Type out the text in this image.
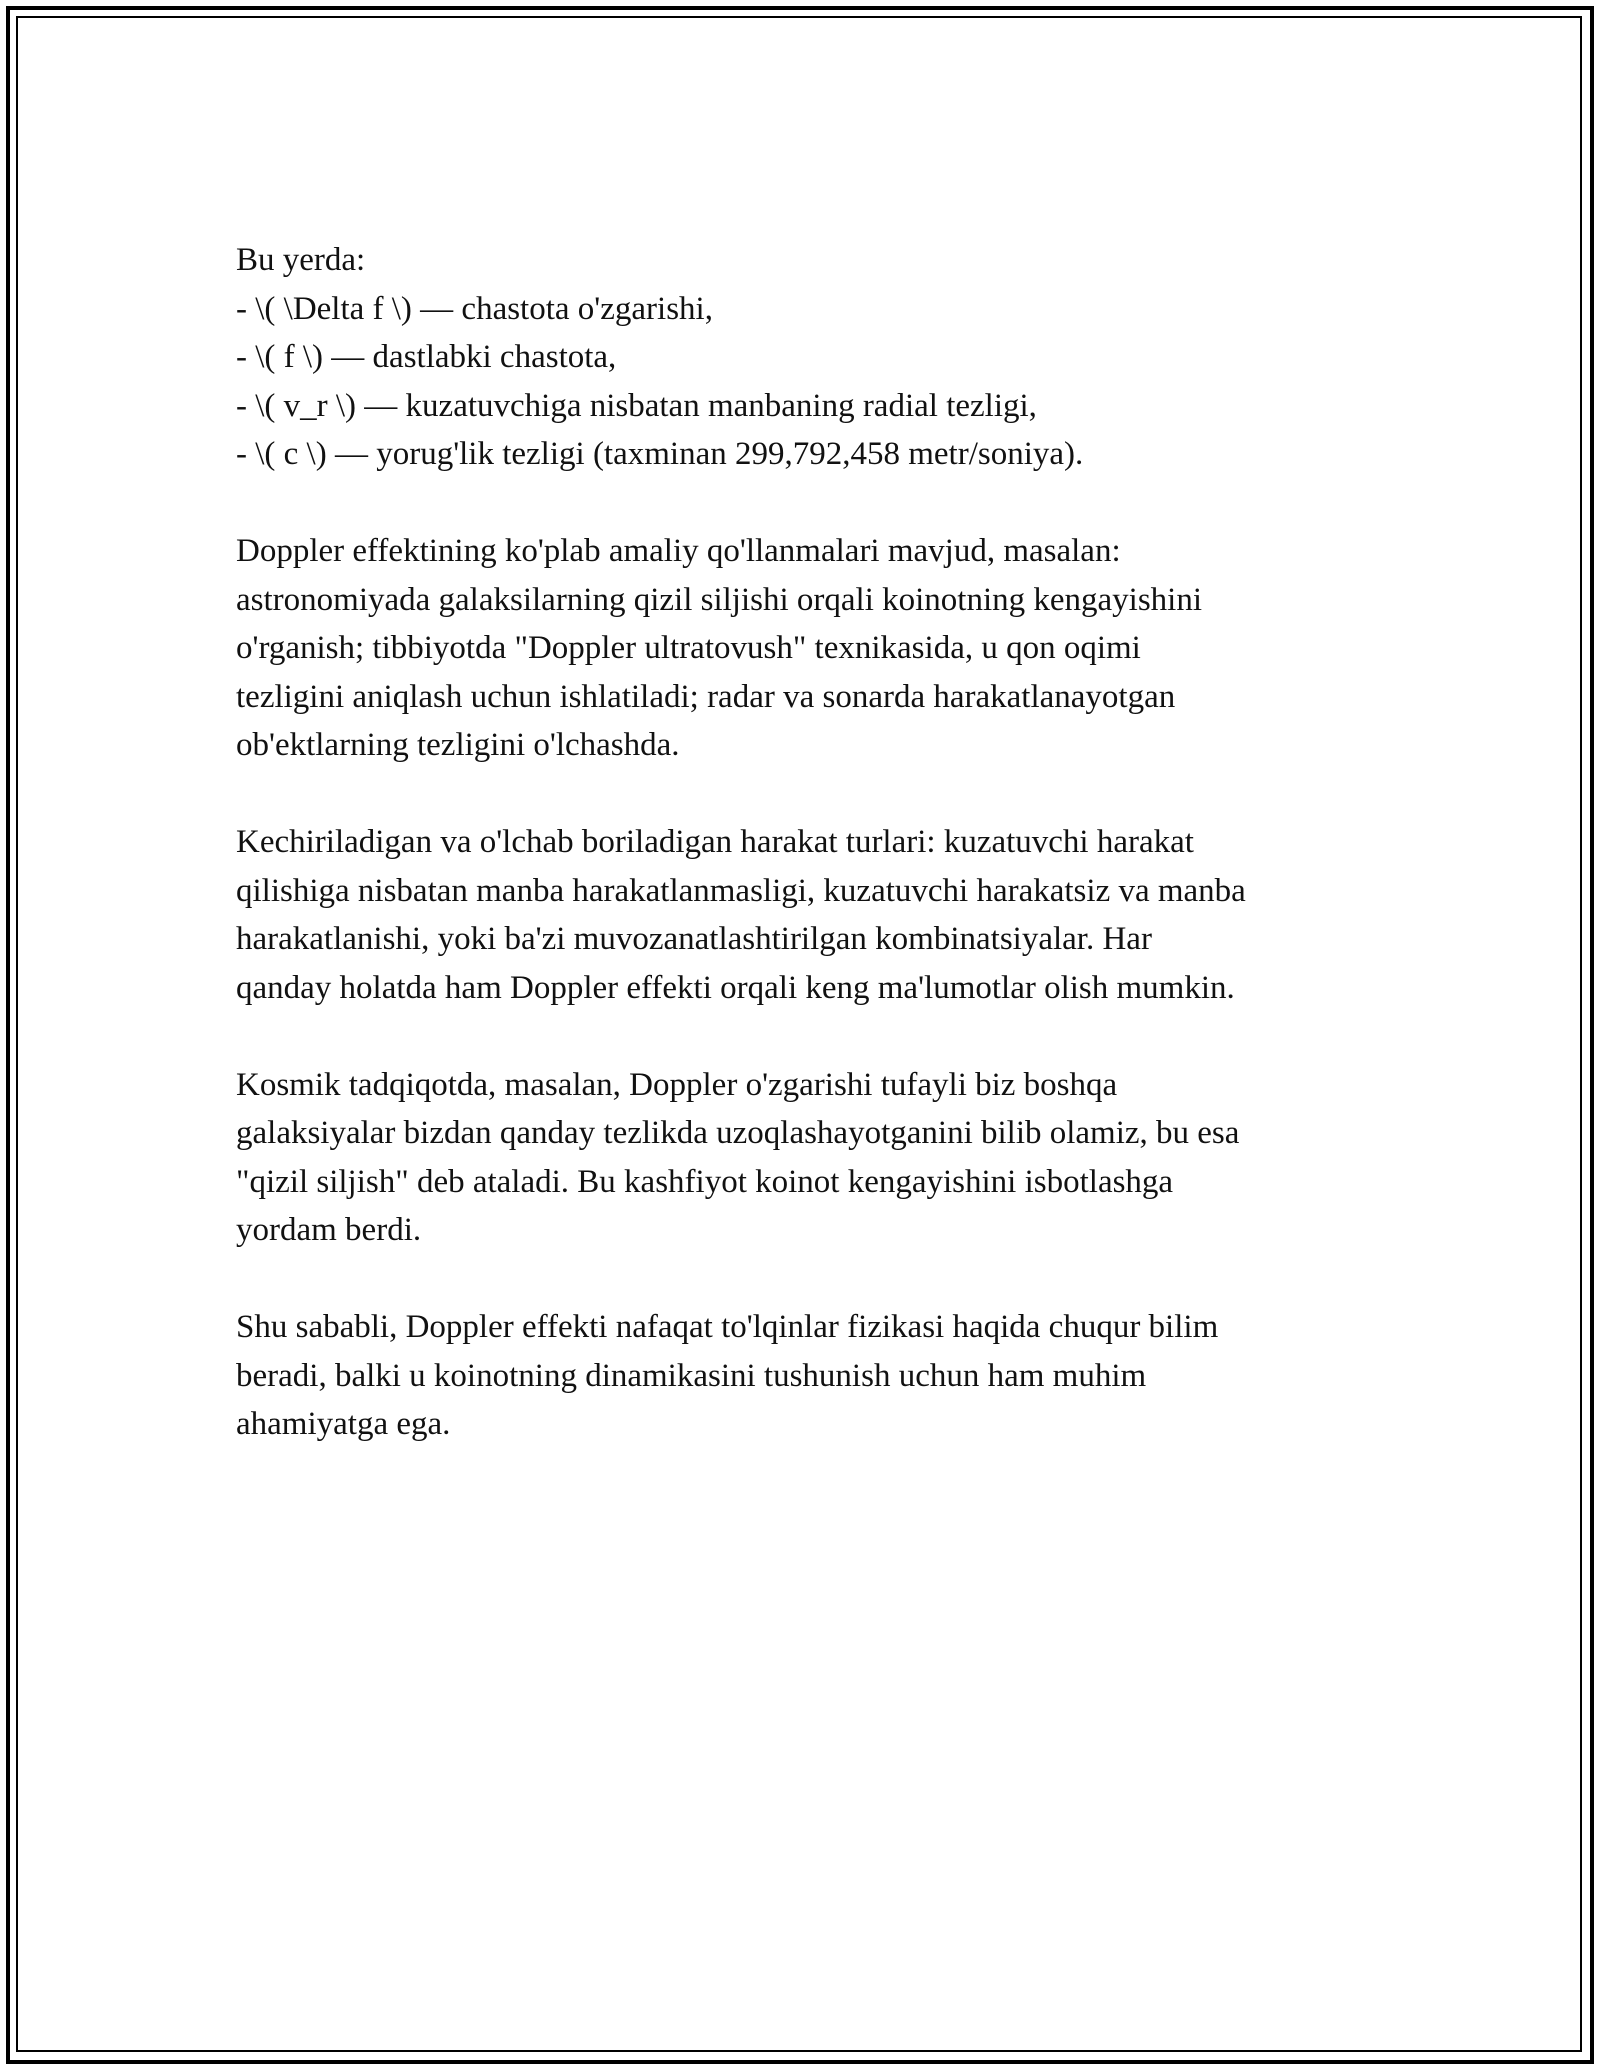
Bu yerda:
- \( \Delta f \) — chastota o'zgarishi,
- \( f \) — dastlabki chastota,
- \( v_r \) — kuzatuvchiga nisbatan manbaning radial tezligi,
- \( c \) — yorug'lik tezligi (taxminan 299,792,458 metr/soniya).

Doppler effektining ko'plab amaliy qo'llanmalari mavjud, masalan:
astronomiyada galaksilarning qizil siljishi orqali koinotning kengayishini
o'rganish; tibbiyotda "Doppler ultratovush" texnikasida, u qon oqimi
tezligini aniqlash uchun ishlatiladi; radar va sonarda harakatlanayotgan
ob'ektlarning tezligini o'lchashda.

Kechiriladigan va o'lchab boriladigan harakat turlari: kuzatuvchi harakat
qilishiga nisbatan manba harakatlanmasligi, kuzatuvchi harakatsiz va manba
harakatlanishi, yoki ba'zi muvozanatlashtirilgan kombinatsiyalar. Har
qanday holatda ham Doppler effekti orqali keng ma'lumotlar olish mumkin.

Kosmik tadqiqotda, masalan, Doppler o'zgarishi tufayli biz boshqa
galaksiyalar bizdan qanday tezlikda uzoqlashayotganini bilib olamiz, bu esa
"qizil siljish" deb ataladi. Bu kashfiyot koinot kengayishini isbotlashga
yordam berdi.

Shu sababli, Doppler effekti nafaqat to'lqinlar fizikasi haqida chuqur bilim
beradi, balki u koinotning dinamikasini tushunish uchun ham muhim
ahamiyatga ega.
